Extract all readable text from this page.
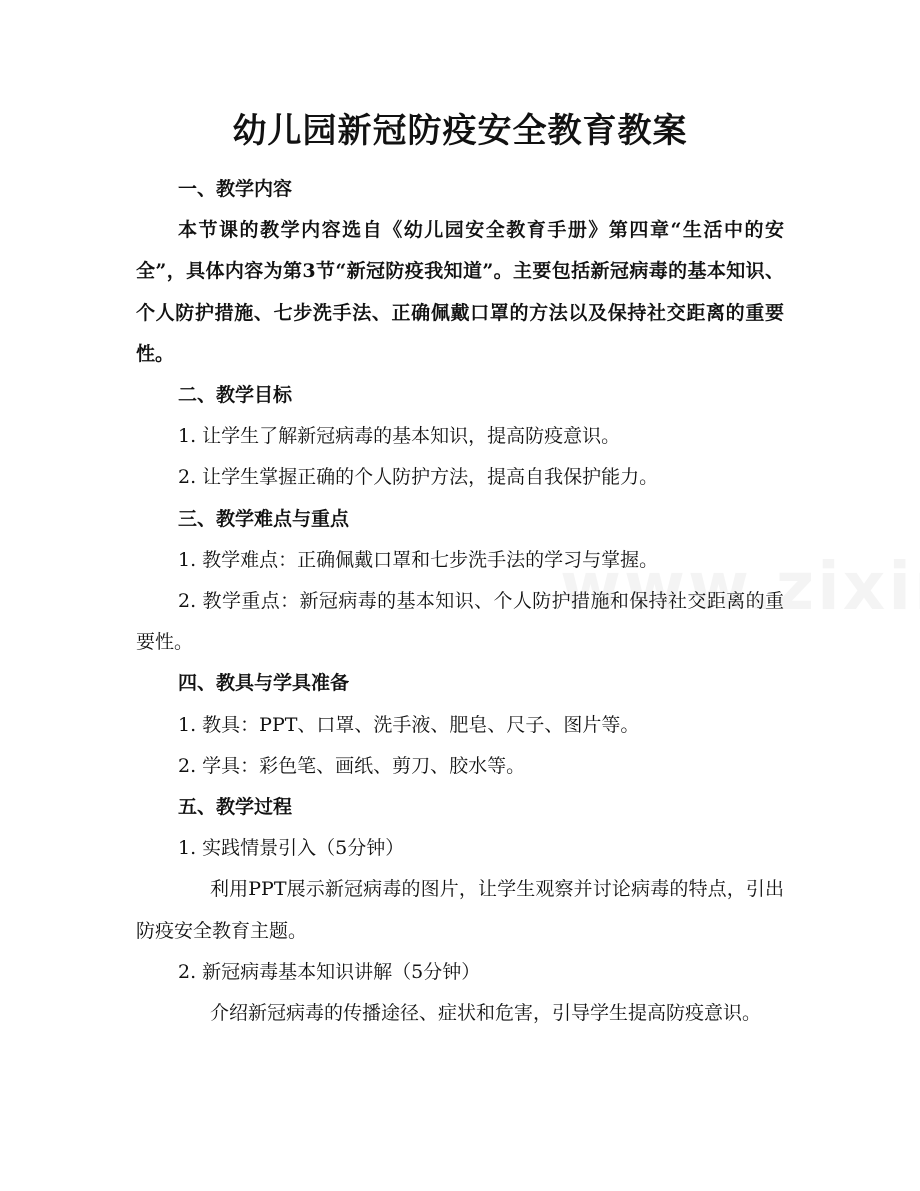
幼儿园新冠防疫安全教育教案

一、教学内容

本节课的教学内容选自《幼儿园安全教育手册》第四章“生活中的安全”，具体内容为第3节“新冠防疫我知道”。主要包括新冠病毒的基本知识、个人防护措施、七步洗手法、正确佩戴口罩的方法以及保持社交距离的重要性。

二、教学目标

1. 让学生了解新冠病毒的基本知识，提高防疫意识。

2. 让学生掌握正确的个人防护方法，提高自我保护能力。

三、教学难点与重点

1. 教学难点：正确佩戴口罩和七步洗手法的学习与掌握。

2. 教学重点：新冠病毒的基本知识、个人防护措施和保持社交距离的重要性。

四、教具与学具准备

1. 教具：PPT、口罩、洗手液、肥皂、尺子、图片等。

2. 学具：彩色笔、画纸、剪刀、胶水等。

五、教学过程

1. 实践情景引入（5分钟）

利用PPT展示新冠病毒的图片，让学生观察并讨论病毒的特点，引出防疫安全教育主题。

2. 新冠病毒基本知识讲解（5分钟）

介绍新冠病毒的传播途径、症状和危害，引导学生提高防疫意识。
